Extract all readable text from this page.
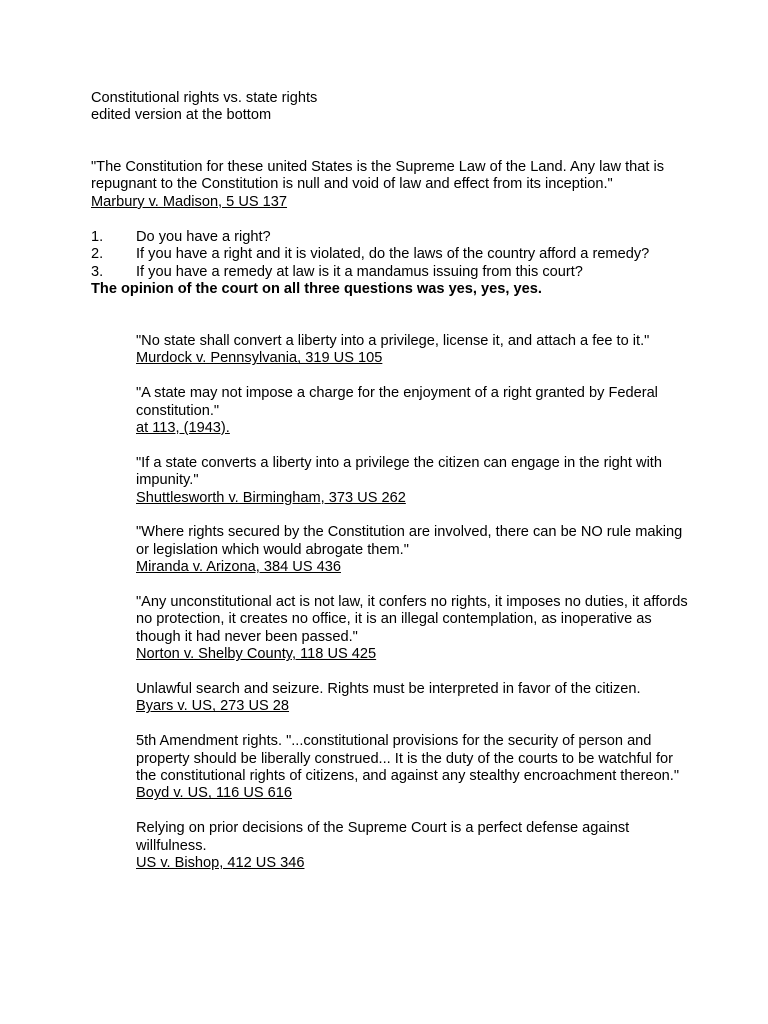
Constitutional rights vs. state rights

edited version at the bottom

"The Constitution for these united States is the Supreme Law of the Land. Any law that is repugnant to the Constitution is null and void of law and effect from its inception."

Marbury v. Madison, 5 US 137

1.	Do you have a right?
2.	If you have a right and it is violated, do the laws of the country afford a remedy?
3.	If you have a remedy at law is it a mandamus issuing from this court?

The opinion of the court on all three questions was yes, yes, yes.

"No state shall convert a liberty into a privilege, license it, and attach a fee to it."

Murdock v. Pennsylvania, 319 US 105

"A state may not impose a charge for the enjoyment of a right granted by Federal constitution."

at 113, (1943).

"If a state converts a liberty into a privilege the citizen can engage in the right with impunity."

Shuttlesworth v. Birmingham, 373 US 262

"Where rights secured by the Constitution are involved, there can be NO rule making or legislation which would abrogate them."

Miranda v. Arizona, 384 US 436

"Any unconstitutional act is not law, it confers no rights, it imposes no duties, it affords no protection, it creates no office, it is an illegal contemplation, as inoperative as though it had never been passed."

Norton v. Shelby County, 118 US 425

Unlawful search and seizure. Rights must be interpreted in favor of the citizen.

Byars v. US, 273 US 28

5th Amendment rights. "...constitutional provisions for the security of person and property should be liberally construed... It is the duty of the courts to be watchful for the constitutional rights of citizens, and against any stealthy encroachment thereon."

Boyd v. US, 116 US 616

Relying on prior decisions of the Supreme Court is a perfect defense against willfulness.

US v. Bishop, 412 US 346
